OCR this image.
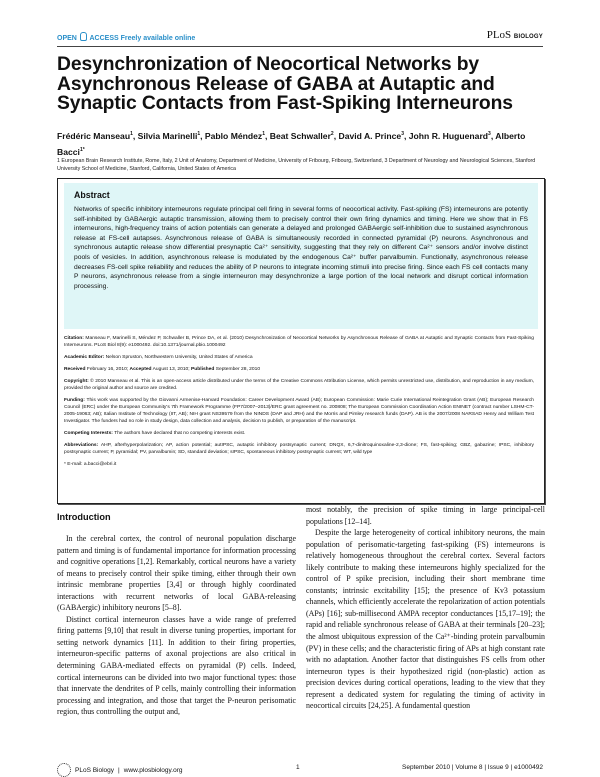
OPEN ACCESS Freely available online	PLoS BIOLOGY
Desynchronization of Neocortical Networks by Asynchronous Release of GABA at Autaptic and Synaptic Contacts from Fast-Spiking Interneurons
Frédéric Manseau$^1$, Silvia Marinelli$^1$, Pablo Méndez$^1$, Beat Schwaller$^2$, David A. Prince$^3$, John R. Huguenard$^3$, Alberto Bacci$^{1*}$
1 European Brain Research Institute, Rome, Italy, 2 Unit of Anatomy, Department of Medicine, University of Fribourg, Fribourg, Switzerland, 3 Department of Neurology and Neurological Sciences, Stanford University School of Medicine, Stanford, California, United States of America
Abstract

Networks of specific inhibitory interneurons regulate principal cell firing in several forms of neocortical activity. Fast-spiking (FS) interneurons are potently self-inhibited by GABAergic autaptic transmission, allowing them to precisely control their own firing dynamics and timing. Here we show that in FS interneurons, high-frequency trains of action potentials can generate a delayed and prolonged GABAergic self-inhibition due to sustained asynchronous release at FS-cell autapses. Asynchronous release of GABA is simultaneously recorded in connected pyramidal (P) neurons. Asynchronous and synchronous autaptic release show differential presynaptic Ca²⁺ sensitivity, suggesting that they rely on different Ca²⁺ sensors and/or involve distinct pools of vesicles. In addition, asynchronous release is modulated by the endogenous Ca²⁺ buffer parvalbumin. Functionally, asynchronous release decreases FS-cell spike reliability and reduces the ability of P neurons to integrate incoming stimuli into precise firing. Since each FS cell contacts many P neurons, asynchronous release from a single interneuron may desynchronize a large portion of the local network and disrupt cortical information processing.

Citation: Manseau F, Marinelli S, Méndez P, Schwaller B, Prince DA, et al. (2010) Desynchronization of Neocortical Networks by Asynchronous Release of GABA at Autaptic and Synaptic Contacts from Fast-Spiking Interneurons. PLoS Biol 8(9): e1000492. doi:10.1371/journal.pbio.1000492

Academic Editor: Nelson Spruston, Northwestern University, United States of America

Received February 16, 2010; Accepted August 13, 2010; Published September 28, 2010

Copyright: © 2010 Manseau et al. This is an open-access article distributed under the terms of the Creative Commons Attribution License, which permits unrestricted use, distribution, and reproduction in any medium, provided the original author and source are credited.

Funding: This work was supported by the Giovanni Armenise-Harvard Foundation: Career Development Award (AB); European Commission: Marie Curie International Reintegration Grant (AB); European Research Council (ERC) under the European Community's 7th Framework Programme (FP7/2007–2013)/ERC grant agreement no. 200808; The European Commission Coordination Action ENINET (contract number LSHM-CT-2005-19063; AB); Italian Institute of Technology (IIT, AB); NIH grant NS39579 from the NINDS (DAP and JRH) and the Morris and Pimley research funds (DAP). AB is the 2007/2008 NARSAD Henry and William Test Investigator. The funders had no role in study design, data collection and analysis, decision to publish, or preparation of the manuscript.

Competing Interests: The authors have declared that no competing interests exist.

Abbreviations: AHP, afterhyperpolarization; AP, action potential; autIPSC, autaptic inhibitory postsynaptic current; DNQX, 6,7-dinitroquinoxaline-2,3-dione; FS, fast-spiking; GBZ, gabazine; IPSC, inhibitory postsynaptic current; P, pyramidal; PV, parvalbumin; SD, standard deviation; sIPSC, spontaneous inhibitory postsynaptic current; WT, wild type

* E-mail: a.bacci@ebri.it

Introduction

In the cerebral cortex, the control of neuronal population discharge pattern and timing is of fundamental importance for information processing and cognitive operations [1,2]. Remarkably, cortical neurons have a variety of means to precisely control their spike timing, either through their own intrinsic membrane properties [3,4] or through highly coordinated interactions with recurrent networks of local GABA-releasing (GABAergic) inhibitory neurons [5–8].

Distinct cortical interneuron classes have a wide range of preferred firing patterns [9,10] that result in diverse tuning properties, important for setting network dynamics [11]. In addition to their firing properties, interneuron-specific patterns of axonal projections are also critical in determining GABA-mediated effects on pyramidal (P) cells. Indeed, cortical interneurons can be divided into two major functional types: those that innervate the dendrites of P cells, mainly controlling their information processing and integration, and those that target the P-neuron perisomatic region, thus controlling the output and,

most notably, the precision of spike timing in large principal-cell populations [12–14].

Despite the large heterogeneity of cortical inhibitory neurons, the main population of perisomatic-targeting fast-spiking (FS) interneurons is relatively homogeneous throughout the cerebral cortex. Several factors likely contribute to making these interneurons highly specialized for the control of P spike precision, including their short membrane time constants; intrinsic excitability [15]; the presence of Kv3 potassium channels, which efficiently accelerate the repolarization of action potentials (APs) [16]; sub-millisecond AMPA receptor conductances [15,17–19]; the rapid and reliable synchronous release of GABA at their terminals [20–23]; the almost ubiquitous expression of the Ca²⁺-binding protein parvalbumin (PV) in these cells; and the characteristic firing of APs at high constant rate with no adaptation. Another factor that distinguishes FS cells from other interneuron types is their hypothesized rigid (non-plastic) action as precision devices during cortical operations, leading to the view that they represent a dedicated system for regulating the timing of activity in neocortical circuits [24,25]. A fundamental question

PLoS Biology | www.plosbiology.org	1	September 2010 | Volume 8 | Issue 9 | e1000492
